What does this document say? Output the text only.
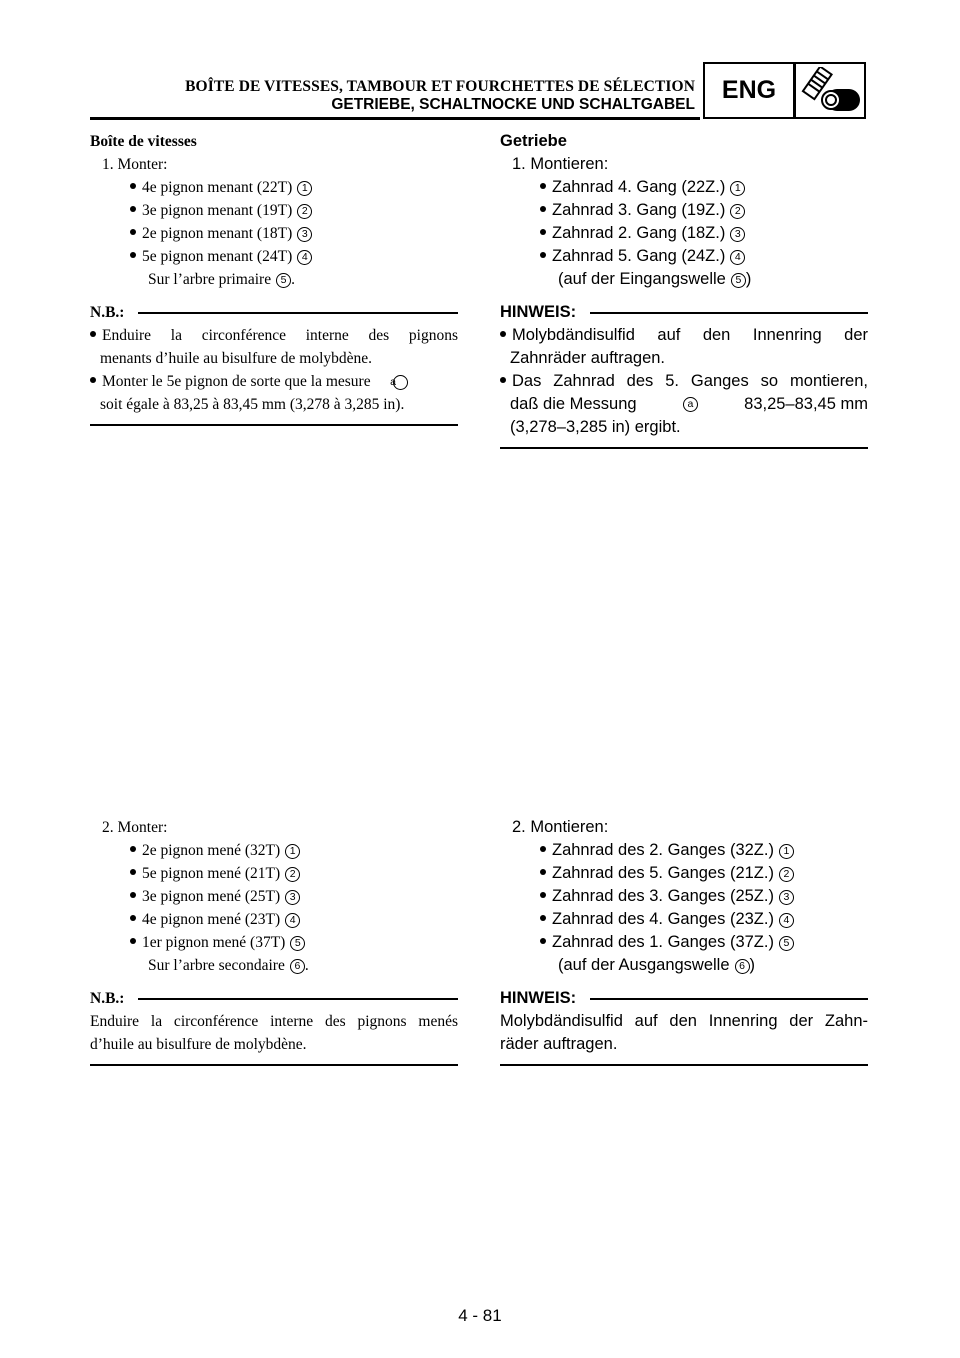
BOÎTE DE VITESSES, TAMBOUR ET FOURCHETTES DE SÉLECTION
GETRIEBE, SCHALTNOCKE UND SCHALTGABEL
ENG
Boîte de vitesses
1. Monter:
4e pignon menant (22T) 1
3e pignon menant (19T) 2
2e pignon menant (18T) 3
5e pignon menant (24T) 4
Sur l’arbre primaire 5 .
N.B.:
Enduire la circonférence interne des pignons
menants d’huile au bisulfure de molybdène.
Monter le 5e pignon de sorte que la mesure a
soit égale à 83,25 à 83,45 mm (3,278 à 3,285 in).
Getriebe
1. Montieren:
Zahnrad 4. Gang (22Z.) 1
Zahnrad 3. Gang (19Z.) 2
Zahnrad 2. Gang (18Z.) 3
Zahnrad 5. Gang (24Z.) 4
(auf der Eingangswelle 5 )
HINWEIS:
Molybdändisulfid auf den Innenring der
Zahnräder auftragen.
Das Zahnrad des 5. Ganges so montieren,
daß die Messung	a	83,25–83,45 mm
(3,278–3,285 in) ergibt.
2. Monter:
2e pignon mené (32T) 1
5e pignon mené (21T) 2
3e pignon mené (25T) 3
4e pignon mené (23T) 4
1er pignon mené (37T) 5
Sur l’arbre secondaire 6 .
N.B.:
Enduire la circonférence interne des pignons menés
d’huile au bisulfure de molybdène.
2. Montieren:
Zahnrad des 2. Ganges (32Z.) 1
Zahnrad des 5. Ganges (21Z.) 2
Zahnrad des 3. Ganges (25Z.) 3
Zahnrad des 4. Ganges (23Z.) 4
Zahnrad des 1. Ganges (37Z.) 5
(auf der Ausgangswelle 6 )
HINWEIS:
Molybdändisulfid auf den Innenring der Zahn-
räder auftragen.
4 - 81
